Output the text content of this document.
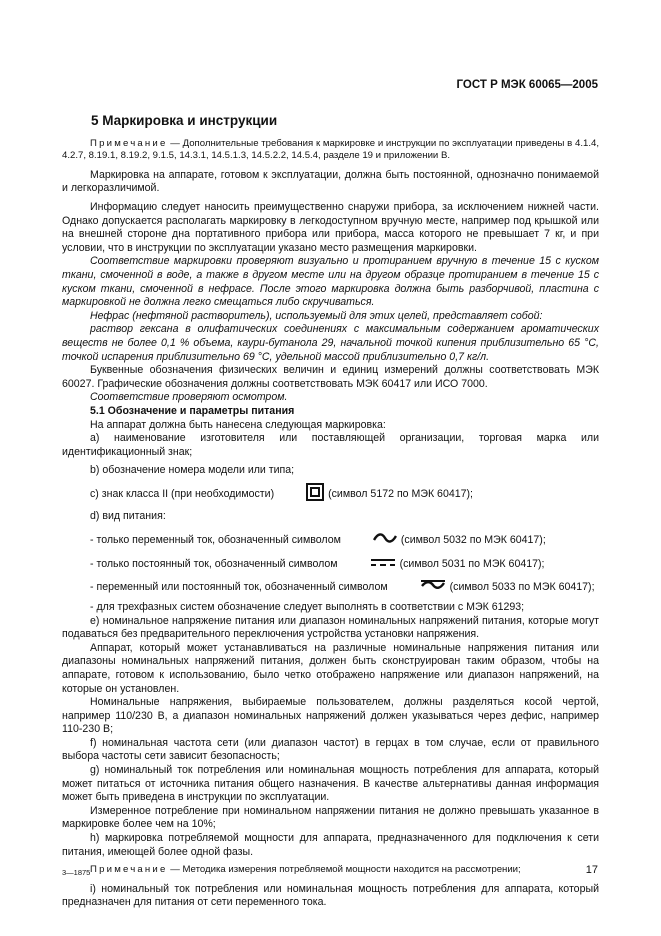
ГОСТ Р МЭК 60065—2005
5 Маркировка и инструкции

Примечание — Дополнительные требования к маркировке и инструкции по эксплуатации приведены в 4.1.4, 4.2.7, 8.19.1, 8.19.2, 9.1.5, 14.3.1, 14.5.1.3, 14.5.2.2, 14.5.4, разделе 19 и приложении В.

Маркировка на аппарате, готовом к эксплуатации, должна быть постоянной, однозначно понимаемой и легкоразличимой.

Информацию следует наносить преимущественно снаружи прибора, за исключением нижней части. Однако допускается располагать маркировку в легкодоступном вручную месте, например под крышкой или на внешней стороне дна портативного прибора или прибора, масса которого не превышает 7 кг, и при условии, что в инструкции по эксплуатации указано место размещения маркировки.

Соответствие маркировки проверяют визуально и протиранием вручную в течение 15 с куском ткани, смоченной в воде, а также в другом месте или на другом образце протиранием в течение 15 с куском ткани, смоченной в нефрасе. После этого маркировка должна быть разборчивой, пластина с маркировкой не должна легко смещаться либо скручиваться.

Нефрас (нефтяной растворитель), используемый для этих целей, представляет собой:

раствор гексана в олифатических соединениях с максимальным содержанием ароматических веществ не более 0,1 % объема, каури-бутанола 29, начальной точкой кипения приблизительно 65 °С, точкой испарения приблизительно 69 °С, удельной массой приблизительно 0,7 кг/л.

Буквенные обозначения физических величин и единиц измерений должны соответствовать МЭК 60027. Графические обозначения должны соответствовать МЭК 60417 или ИСО 7000.

Соответствие проверяют осмотром.

5.1 Обозначение и параметры питания

На аппарат должна быть нанесена следующая маркировка:

а) наименование изготовителя или поставляющей организации, торговая марка или идентификационный знак;

b) обозначение номера модели или типа;

с) знак класса II (при необходимости)	(символ 5172 по МЭК 60417);

d) вид питания:

- только переменный ток, обозначенный символом	(символ 5032 по МЭК 60417);

- только постоянный ток, обозначенный символом	(символ 5031 по МЭК 60417);

- переменный или постоянный ток, обозначенный символом	(символ 5033 по МЭК 60417);

- для трехфазных систем обозначение следует выполнять в соответствии с МЭК 61293;

е) номинальное напряжение питания или диапазон номинальных напряжений питания, которые могут подаваться без предварительного переключения устройства установки напряжения.

Аппарат, который может устанавливаться на различные номинальные напряжения питания или диапазоны номинальных напряжений питания, должен быть сконструирован таким образом, чтобы на аппарате, готовом к использованию, было четко отображено напряжение или диапазон напряжений, на которые он установлен.

Номинальные напряжения, выбираемые пользователем, должны разделяться косой чертой, например 110/230 В, а диапазон номинальных напряжений должен указываться через дефис, например 110-230 В;

f) номинальная частота сети (или диапазон частот) в герцах в том случае, если от правильного выбора частоты сети зависит безопасность;

g) номинальный ток потребления или номинальная мощность потребления для аппарата, который может питаться от источника питания общего назначения. В качестве альтернативы данная информация может быть приведена в инструкции по эксплуатации.

Измеренное потребление при номинальном напряжении питания не должно превышать указанное в маркировке более чем на 10%;

h) маркировка потребляемой мощности для аппарата, предназначенного для подключения к сети питания, имеющей более одной фазы.

Примечание — Методика измерения потребляемой мощности находится на рассмотрении;

i) номинальный ток потребления или номинальная мощность потребления для аппарата, который предназначен для питания от сети переменного тока.

3—1875	17
